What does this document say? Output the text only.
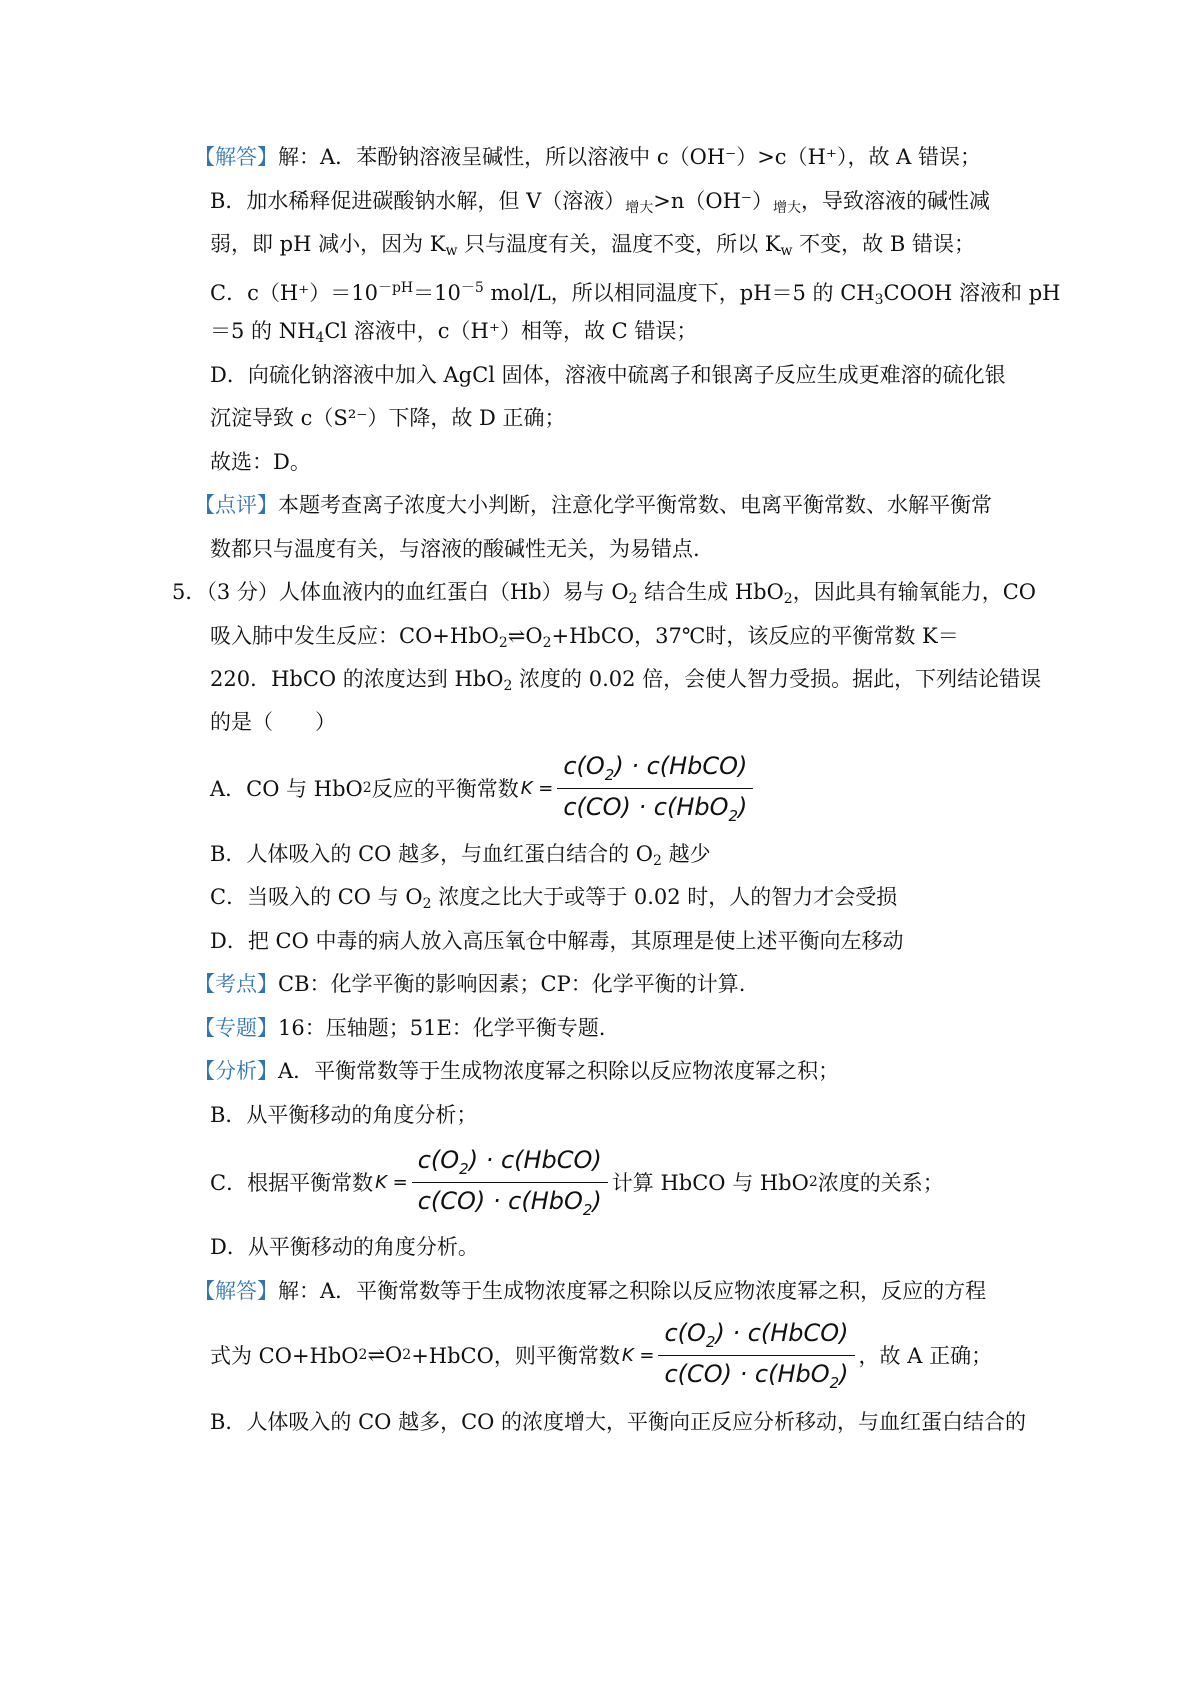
【解答】解：A．苯酚钠溶液呈碱性，所以溶液中 c（OH⁻）>c（H⁺），故 A 错误；
B．加水稀释促进碳酸钠水解，但 V（溶液）$_{增大}>n(OH^-)_{增大}$，导致溶液的碱性减
弱，即 pH 减小，因为 $K_w$ 只与温度有关，温度不变，所以 $K_w$ 不变，故 B 错误；
C．$c(H^+)=10^{-pH}=10^{-5}$ mol/L，所以相同温度下，pH＝5 的 $CH_3COOH$ 溶液和 pH
＝5 的 $NH_4Cl$ 溶液中，c（H⁺）相等，故 C 错误；
D．向硫化钠溶液中加入 AgCl 固体，溶液中硫离子和银离子反应生成更难溶的硫化银
沉淀导致 c（S²⁻）下降，故 D 正确；
故选：D。
【点评】本题考查离子浓度大小判断，注意化学平衡常数、电离平衡常数、水解平衡常
数都只与温度有关，与溶液的酸碱性无关，为易错点.
5．（3 分）人体血液内的血红蛋白（Hb）易与 $O_2$ 结合生成 HbO$_2$，因此具有输氧能力，CO
吸入肺中发生反应：$CO+HbO_2\rightleftharpoons O_2+HbCO$，37℃时，该反应的平衡常数 K＝
220．HbCO 的浓度达到 HbO$_2$ 浓度的 0.02 倍，会使人智力受损。据此，下列结论错误
的是（　　）
A．CO 与 HbO 2 反应的平衡常数 $K = \frac{c(O_2) \cdot c(HbCO)}{c(CO) \cdot c(HbO_2)}$
B．人体吸入的 CO 越多，与血红蛋白结合的 $O_2$ 越少
C．当吸入的 CO 与 $O_2$ 浓度之比大于或等于 0.02 时，人的智力才会受损
D．把 CO 中毒的病人放入高压氧仓中解毒，其原理是使上述平衡向左移动
【考点】CB：化学平衡的影响因素；CP：化学平衡的计算.
【专题】16：压轴题；51E：化学平衡专题.
【分析】A．平衡常数等于生成物浓度幂之积除以反应物浓度幂之积；
B．从平衡移动的角度分析；
C．根据平衡常数 $K = \frac{c(O_2) \cdot c(HbCO)}{c(CO) \cdot c(HbO_2)}$ 计算 HbCO 与 HbO 2 浓度的关系；
D．从平衡移动的角度分析。
【解答】解：A．平衡常数等于生成物浓度幂之积除以反应物浓度幂之积，反应的方程
式为 CO+HbO 2 ⇌O 2 +HbCO，则平衡常数 $K = \frac{c(O_2) \cdot c(HbCO)}{c(CO) \cdot c(HbO_2)}$ ，故 A 正确；
B．人体吸入的 CO 越多，CO 的浓度增大，平衡向正反应分析移动，与血红蛋白结合的
